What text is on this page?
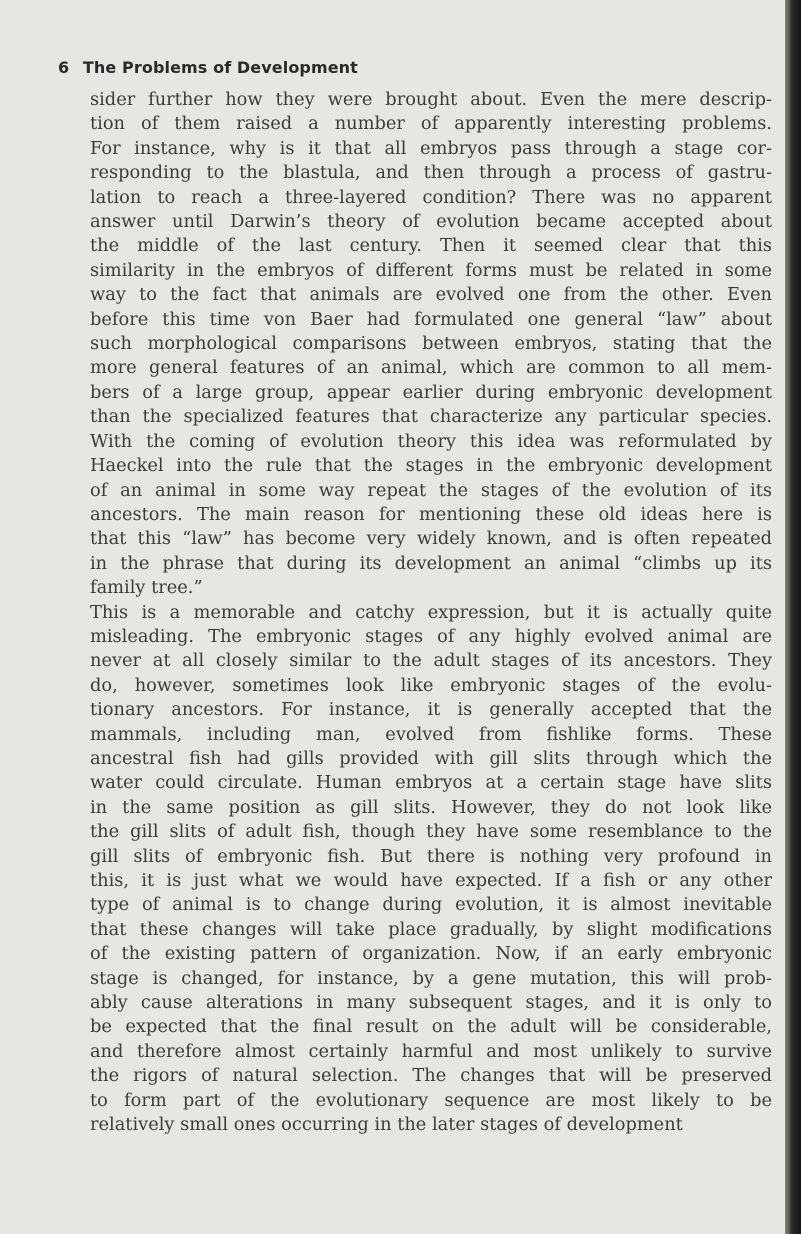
6 The Problems of Development
sider further how they were brought about. Even the mere descrip-
tion of them raised a number of apparently interesting problems.
For instance, why is it that all embryos pass through a stage cor-
responding to the blastula, and then through a process of gastru-
lation to reach a three-layered condition? There was no apparent
answer until Darwin’s theory of evolution became accepted about
the middle of the last century. Then it seemed clear that this
similarity in the embryos of different forms must be related in some
way to the fact that animals are evolved one from the other. Even
before this time von Baer had formulated one general “law” about
such morphological comparisons between embryos, stating that the
more general features of an animal, which are common to all mem-
bers of a large group, appear earlier during embryonic development
than the specialized features that characterize any particular species.
With the coming of evolution theory this idea was reformulated by
Haeckel into the rule that the stages in the embryonic development
of an animal in some way repeat the stages of the evolution of its
ancestors. The main reason for mentioning these old ideas here is
that this “law” has become very widely known, and is often repeated
in the phrase that during its development an animal “climbs up its
family tree.”
This is a memorable and catchy expression, but it is actually quite
misleading. The embryonic stages of any highly evolved animal are
never at all closely similar to the adult stages of its ancestors. They
do, however, sometimes look like embryonic stages of the evolu-
tionary ancestors. For instance, it is generally accepted that the
mammals, including man, evolved from fishlike forms. These
ancestral fish had gills provided with gill slits through which the
water could circulate. Human embryos at a certain stage have slits
in the same position as gill slits. However, they do not look like
the gill slits of adult fish, though they have some resemblance to the
gill slits of embryonic fish. But there is nothing very profound in
this, it is just what we would have expected. If a fish or any other
type of animal is to change during evolution, it is almost inevitable
that these changes will take place gradually, by slight modifications
of the existing pattern of organization. Now, if an early embryonic
stage is changed, for instance, by a gene mutation, this will prob-
ably cause alterations in many subsequent stages, and it is only to
be expected that the final result on the adult will be considerable,
and therefore almost certainly harmful and most unlikely to survive
the rigors of natural selection. The changes that will be preserved
to form part of the evolutionary sequence are most likely to be
relatively small ones occurring in the later stages of development
